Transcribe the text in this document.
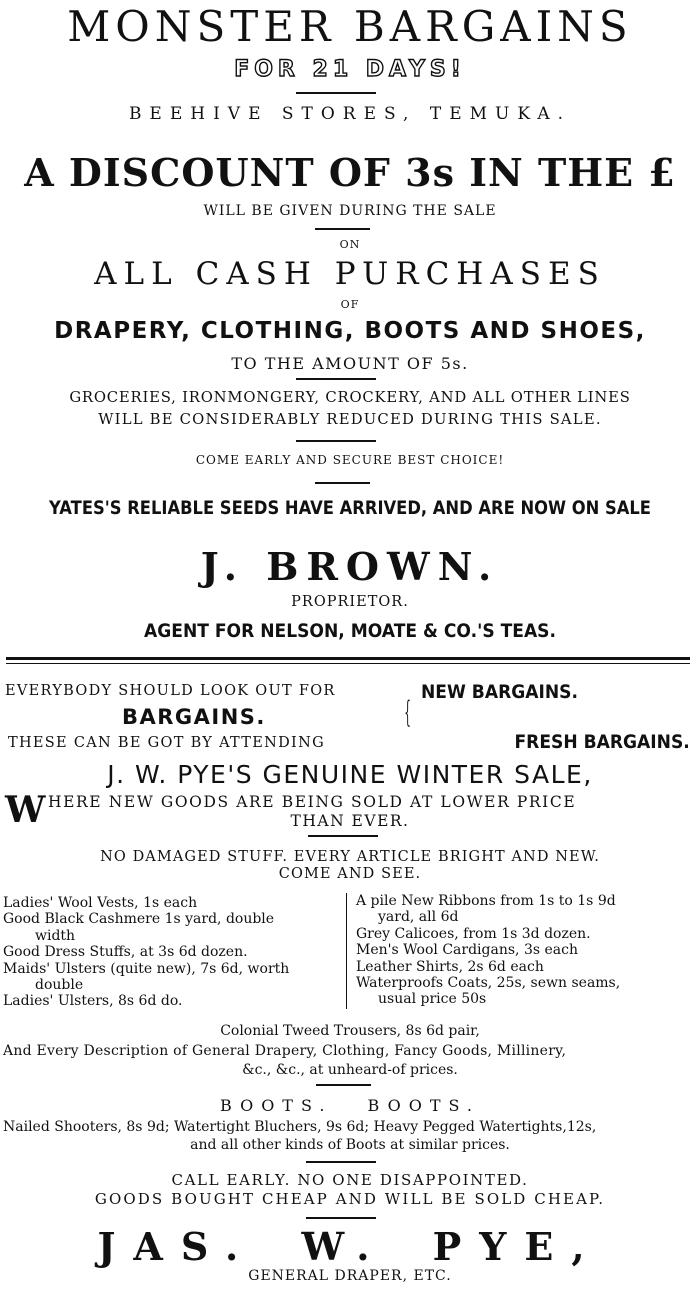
MONSTER BARGAINS
FOR 21 DAYS!
BEEHIVE STORES, TEMUKA.
A DISCOUNT OF 3s IN THE £
WILL BE GIVEN DURING THE SALE
ON
ALL CASH PURCHASES
OF
DRAPERY, CLOTHING, BOOTS AND SHOES,
TO THE AMOUNT OF 5s.
GROCERIES, IRONMONGERY, CROCKERY, AND ALL OTHER LINES
WILL BE CONSIDERABLY REDUCED DURING THIS SALE.
COME EARLY AND SECURE BEST CHOICE!
YATES'S RELIABLE SEEDS HAVE ARRIVED, AND ARE NOW ON SALE
J. BROWN.
PROPRIETOR.
AGENT FOR NELSON, MOATE & CO.'S TEAS.
EVERYBODY SHOULD LOOK OUT FOR
BARGAINS.
THESE CAN BE GOT BY ATTENDING
{
NEW BARGAINS.
FRESH BARGAINS.
J. W. PYE'S GENUINE WINTER SALE,
W HERE NEW GOODS ARE BEING SOLD AT LOWER PRICE
THAN EVER.
NO DAMAGED STUFF. EVERY ARTICLE BRIGHT AND NEW.
COME AND SEE.
Ladies' Wool Vests, 1s each
Good Black Cashmere 1s yard, double
width
Good Dress Stuffs, at 3s 6d dozen.
Maids' Ulsters (quite new), 7s 6d, worth
double
Ladies' Ulsters, 8s 6d do.
A pile New Ribbons from 1s to 1s 9d
yard, all 6d
Grey Calicoes, from 1s 3d dozen.
Men's Wool Cardigans, 3s each
Leather Shirts, 2s 6d each
Waterproofs Coats, 25s, sewn seams,
usual price 50s
Colonial Tweed Trousers, 8s 6d pair,
And Every Description of General Drapery, Clothing, Fancy Goods, Millinery,
&c., &c., at unheard-of prices.
BOOTS. BOOTS.
Nailed Shooters, 8s 9d; Watertight Bluchers, 9s 6d; Heavy Pegged Watertights,12s,
and all other kinds of Boots at similar prices.
CALL EARLY. NO ONE DISAPPOINTED.
GOODS BOUGHT CHEAP AND WILL BE SOLD CHEAP.
JAS. W. PYE,
GENERAL DRAPER, ETC.
